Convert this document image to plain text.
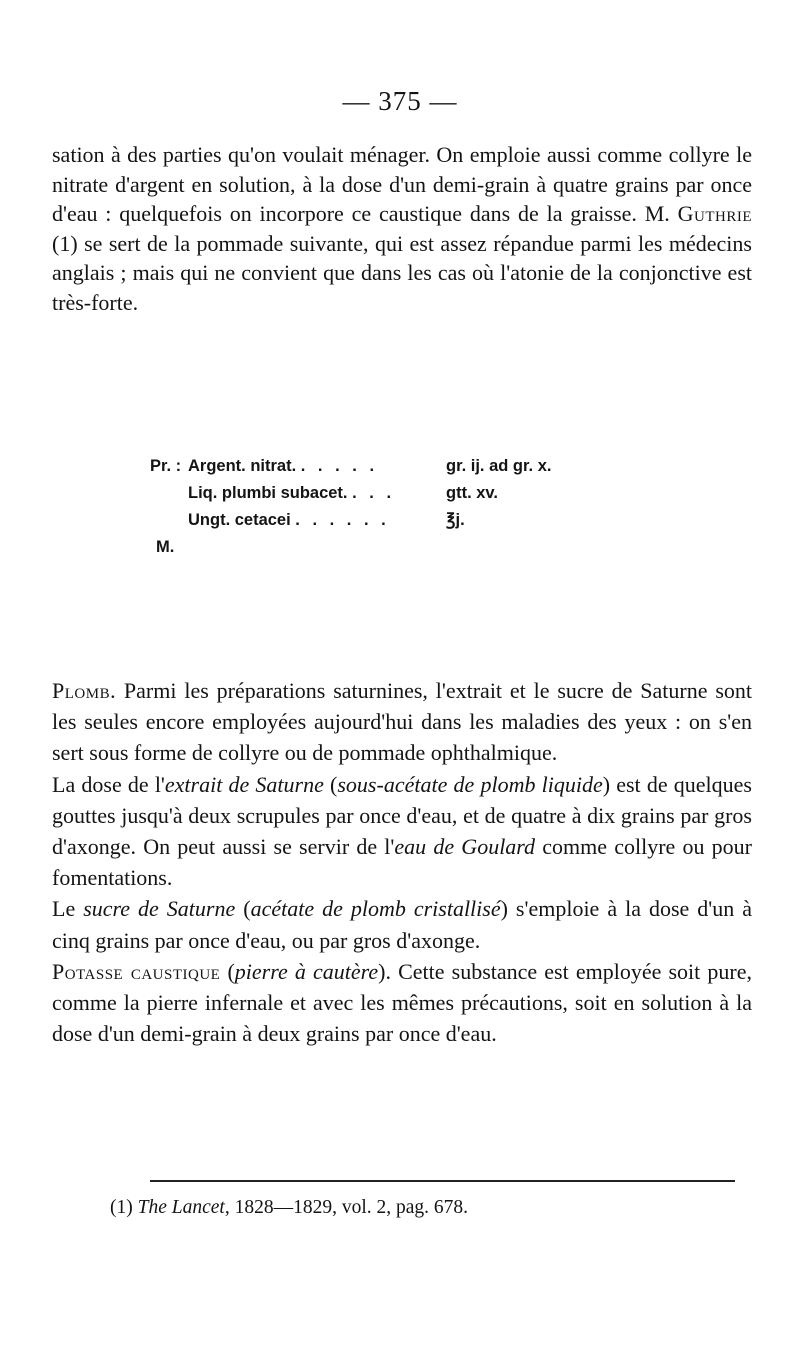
— 375 —

sation à des parties qu'on voulait ménager. On emploie aussi comme collyre le nitrate d'argent en solution, à la dose d'un demi-grain à quatre grains par once d'eau : quelquefois on incorpore ce caustique dans de la graisse. M. Guthrie (1) se sert de la pommade suivante, qui est assez répandue parmi les médecins anglais ; mais qui ne convient que dans les cas où l'atonie de la conjonctive est très-forte.

Pr. : Argent. nitrat. . . . . .	gr. ij. ad gr. x.
Liq. plumbi subacet. . . .	gtt. xv.
Ungt. cetacei . . . . . .	℥j.
M.

Plomb. Parmi les préparations saturnines, l'extrait et le sucre de Saturne sont les seules encore employées aujourd'hui dans les maladies des yeux : on s'en sert sous forme de collyre ou de pommade ophthalmique.

La dose de l'extrait de Saturne (sous-acétate de plomb liquide) est de quelques gouttes jusqu'à deux scrupules par once d'eau, et de quatre à dix grains par gros d'axonge. On peut aussi se servir de l'eau de Goulard comme collyre ou pour fomentations.

Le sucre de Saturne (acétate de plomb cristallisé) s'emploie à la dose d'un à cinq grains par once d'eau, ou par gros d'axonge.

Potasse caustique (pierre à cautère). Cette substance est employée soit pure, comme la pierre infernale et avec les mêmes précautions, soit en solution à la dose d'un demi-grain à deux grains par once d'eau.

(1) The Lancet, 1828—1829, vol. 2, pag. 678.
